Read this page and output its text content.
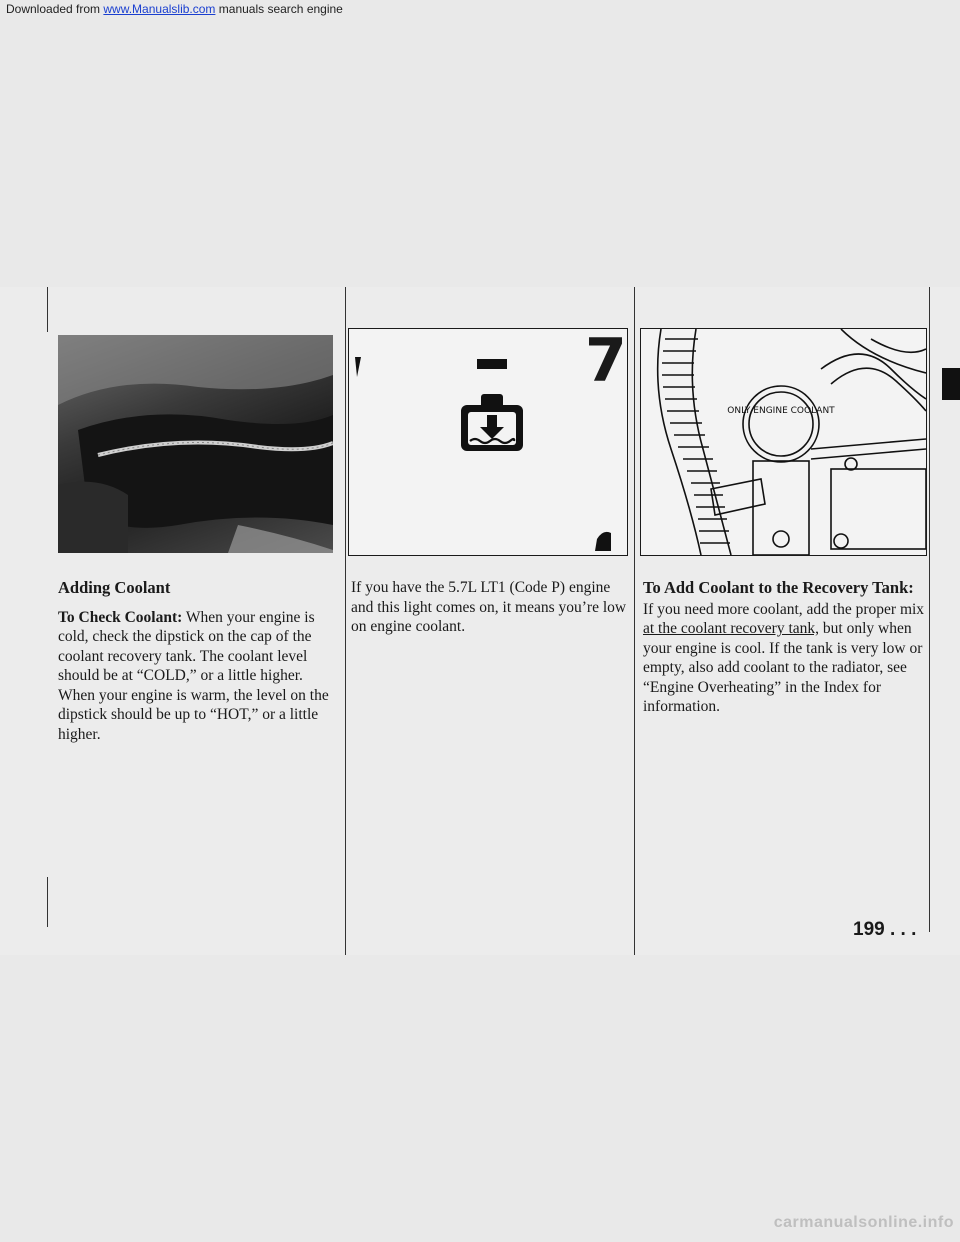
Downloaded from www.Manualslib.com manuals search engine
7
ONLY ENGINE COOLANT
Adding Coolant

To Check Coolant: When your engine is cold, check the dipstick on the cap of the coolant recovery tank. The coolant level should be at “COLD,” or a little higher. When your engine is warm, the level on the dipstick should be up to “HOT,” or a little higher.

If you have the 5.7L LT1 (Code P) engine and this light comes on, it means you’re low on engine coolant.

To Add Coolant to the Recovery Tank:

If you need more coolant, add the proper mix at the coolant recovery tank, but only when your engine is cool. If the tank is very low or empty, also add coolant to the radiator, see “Engine Overheating” in the Index for information.

199 . . .
carmanualsonline.info
